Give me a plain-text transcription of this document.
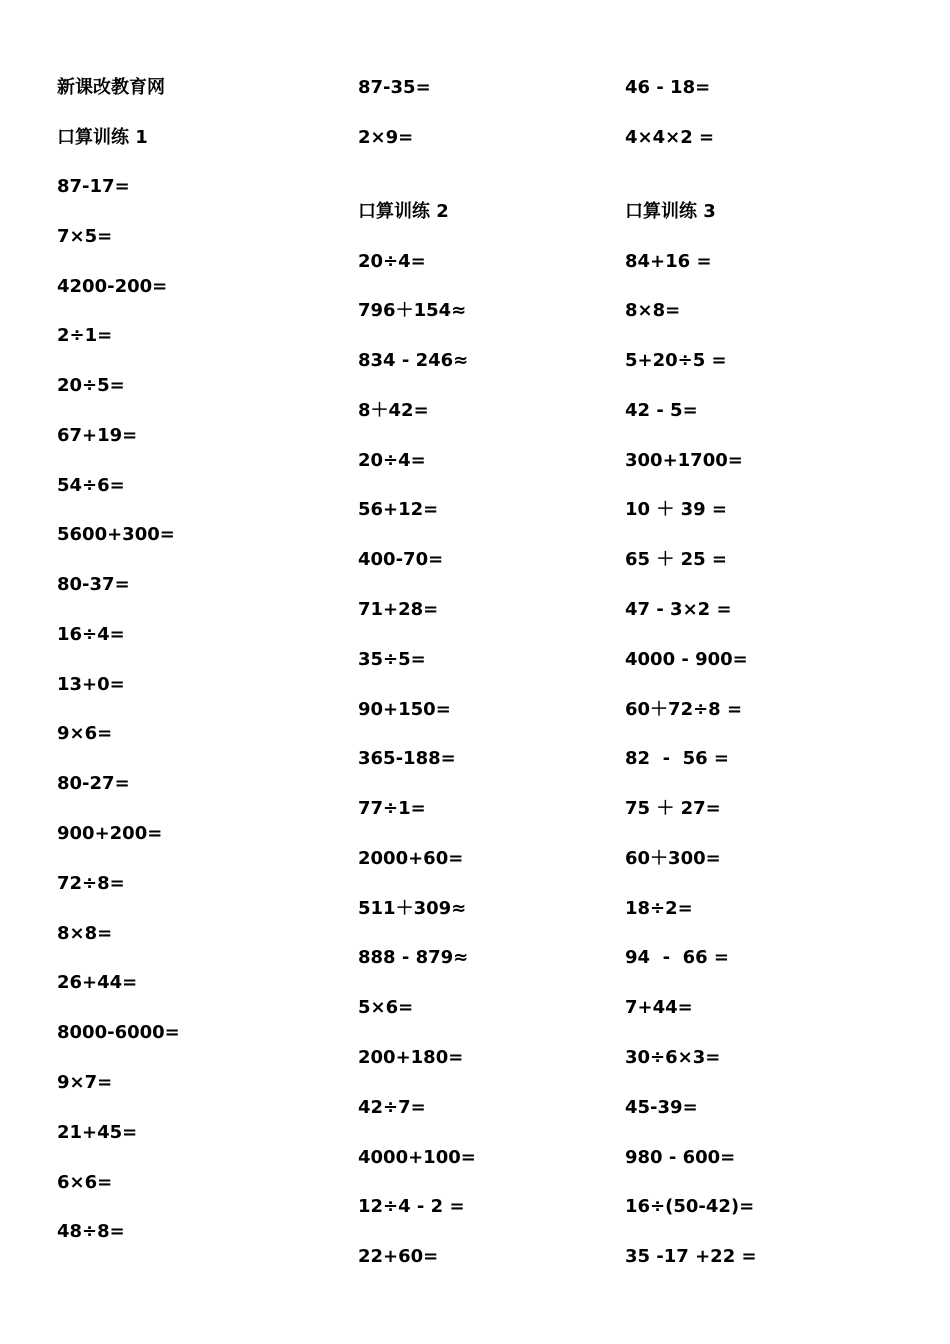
新课改教育网
口算训练 1
87-17=
7×5=
4200-200=
2÷1=
20÷5=
67+19=
54÷6=
5600+300=
80-37=
16÷4=
13+0=
9×6=
80-27=
900+200=
72÷8=
8×8=
26+44=
8000-6000=
9×7=
21+45=
6×6=
48÷8=
87-35=
2×9=
口算训练 2
20÷4=
796＋154≈
834 - 246≈
8＋42=
20÷4=
56+12=
400-70=
71+28=
35÷5=
90+150=
365-188=
77÷1=
2000+60=
511＋309≈
888 - 879≈
5×6=
200+180=
42÷7=
4000+100=
12÷4 - 2 =
22+60=
46 - 18=
4×4×2 =
口算训练 3
84+16 =
8×8=
5+20÷5 =
42 - 5=
300+1700=
10 ＋ 39 =
65 ＋ 25 =
47 - 3×2 =
4000 - 900=
60＋72÷8 =
82  -  56 =
75 ＋ 27=
60＋300=
18÷2=
94  -  66 =
7+44=
30÷6×3=
45-39=
980 - 600=
16÷(50-42)=
35 -17 +22 =
